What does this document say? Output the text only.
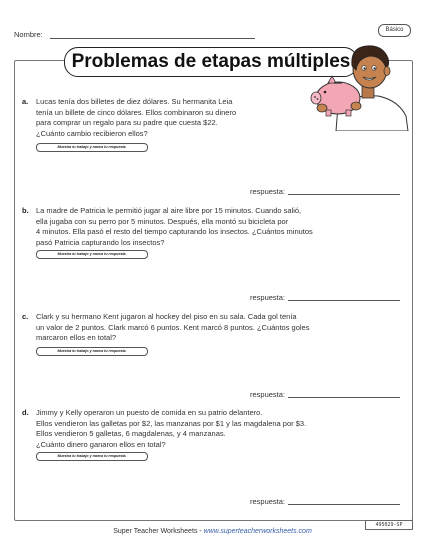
Nombre:	Básico
Problemas de etapas múltiples
a. Lucas tenía dos billetes de diez dólares. Su hermanita Leia
tenía un billete de cinco dólares. Ellos combinaron su dinero
para comprar un regalo para su padre que cuesta $22.
¿Cuánto cambio recibieron ellos?
Muestra tu trabajo y marca tu respuesta.
respuesta:
b. La madre de Patricia le permitió jugar al aire libre por 15 minutos. Cuando salió,
ella jugaba con su perro por 5 minutos. Después, ella montó su bicicleta por
4 minutos. Ella pasó el resto del tiempo capturando los insectos. ¿Cuántos minutos
pasó Patricia capturando los insectos?
Muestra tu trabajo y marca tu respuesta.
respuesta:
c. Clark y su hermano Kent jugaron al hockey del piso en su sala. Cada gol tenía
un valor de 2 puntos. Clark marcó 6 puntos. Kent marcó 8 puntos. ¿Cuántos goles
marcaron ellos en total?
Muestra tu trabajo y marca tu respuesta.
respuesta:
d. Jimmy y Kelly operaron un puesto de comida en su patrio delantero.
Ellos vendieron las galletas por $2, las manzanas por $1 y las magdalena por $3.
Ellos vendieron 5 galletas, 6 magdalenas, y 4 manzanas.
¿Cuánto dinero ganaron ellos en total?
Muestra tu trabajo y marca tu respuesta.
respuesta:
495029-SP
Super Teacher Worksheets - www.superteacherworksheets.com
